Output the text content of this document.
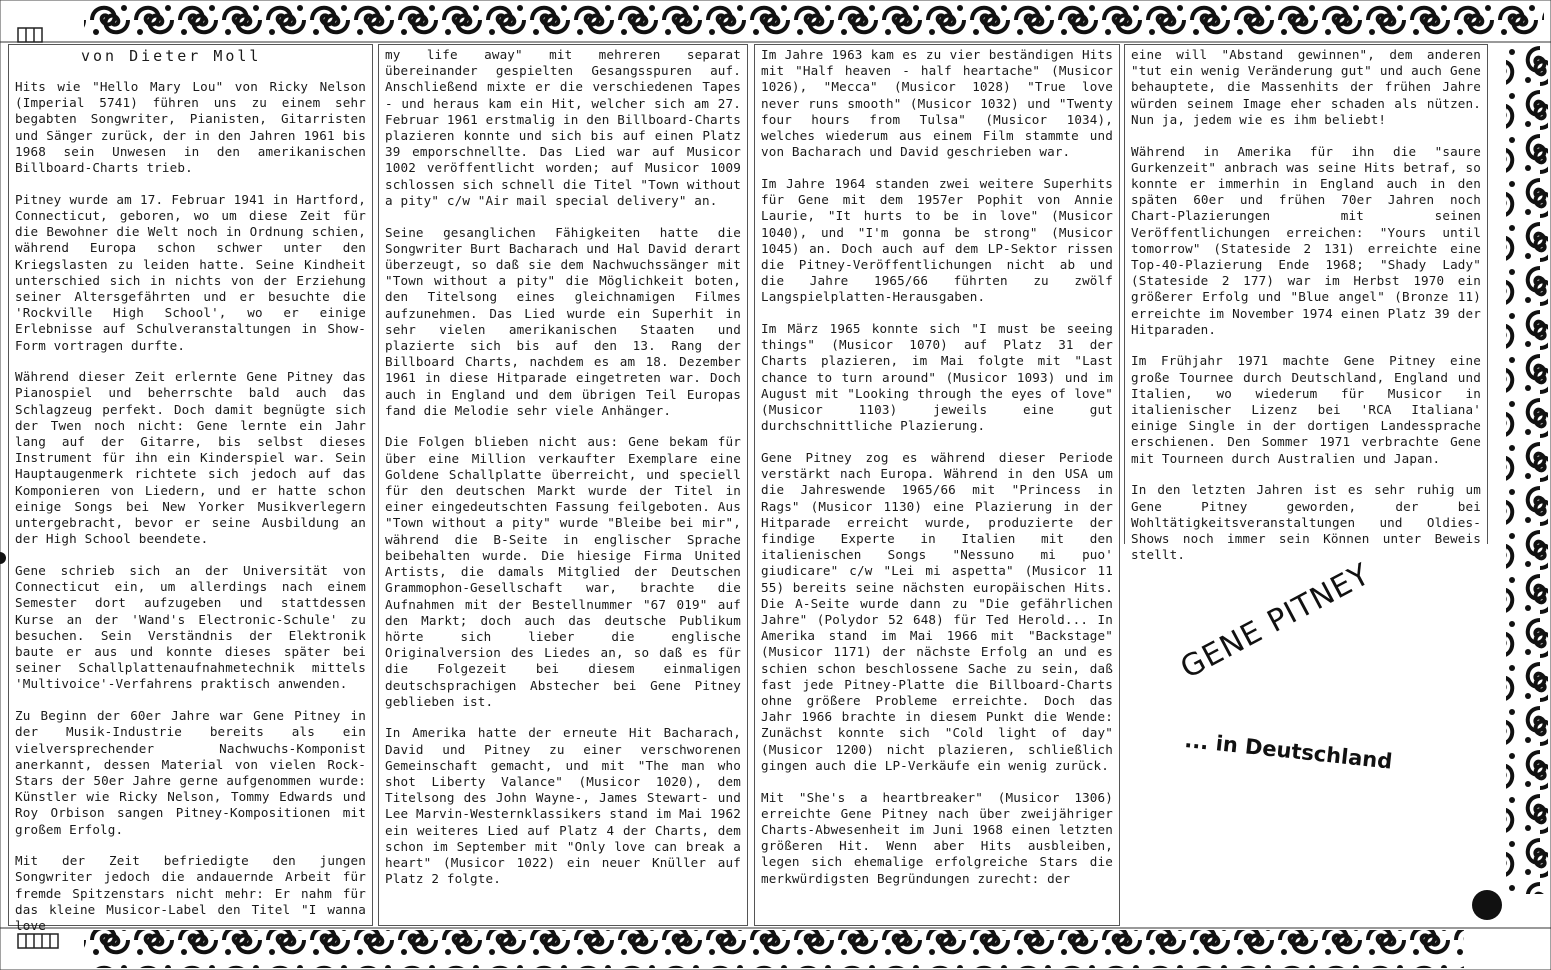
von Dieter Moll

Hits wie "Hello Mary Lou" von Ricky Nelson (Imperial 5741) führen uns zu einem sehr begabten Songwriter, Pianisten, Gitarristen und Sänger zurück, der in den Jahren 1961 bis 1968 sein Unwesen in den amerikanischen Billboard-Charts trieb.

Pitney wurde am 17. Februar 1941 in Hartford, Connecticut, geboren, wo um diese Zeit für die Bewohner die Welt noch in Ordnung schien, während Europa schon schwer unter den Kriegslasten zu leiden hatte. Seine Kindheit unterschied sich in nichts von der Erziehung seiner Altersgefährten und er besuchte die 'Rockville High School', wo er einige Erlebnisse auf Schulveranstaltungen in Show-Form vortragen durfte.

Während dieser Zeit erlernte Gene Pitney das Pianospiel und beherrschte bald auch das Schlagzeug perfekt. Doch damit begnügte sich der Twen noch nicht: Gene lernte ein Jahr lang auf der Gitarre, bis selbst dieses Instrument für ihn ein Kinderspiel war. Sein Hauptaugenmerk richtete sich jedoch auf das Komponieren von Liedern, und er hatte schon einige Songs bei New Yorker Musikverlegern untergebracht, bevor er seine Ausbildung an der High School beendete.

Gene schrieb sich an der Universität von Connecticut ein, um allerdings nach einem Semester dort aufzugeben und stattdessen Kurse an der 'Wand's Electronic-Schule' zu besuchen. Sein Verständnis der Elektronik baute er aus und konnte dieses später bei seiner Schallplattenaufnahmetechnik mittels 'Multivoice'-Verfahrens praktisch anwenden.

Zu Beginn der 60er Jahre war Gene Pitney in der Musik-Industrie bereits als ein vielversprechender Nachwuchs-Komponist anerkannt, dessen Material von vielen Rock-Stars der 50er Jahre gerne aufgenommen wurde: Künstler wie Ricky Nelson, Tommy Edwards und Roy Orbison sangen Pitney-Kompositionen mit großem Erfolg.

Mit der Zeit befriedigte den jungen Songwriter jedoch die andauernde Arbeit für fremde Spitzenstars nicht mehr: Er nahm für das kleine Musicor-Label den Titel "I wanna love

my life away" mit mehreren separat übereinander gespielten Gesangsspuren auf. Anschließend mixte er die verschiedenen Tapes - und heraus kam ein Hit, welcher sich am 27. Februar 1961 erstmalig in den Billboard-Charts plazieren konnte und sich bis auf einen Platz 39 emporschnellte. Das Lied war auf Musicor 1002 veröffentlicht worden; auf Musicor 1009 schlossen sich schnell die Titel "Town without a pity" c/w "Air mail special delivery" an.

Seine gesanglichen Fähigkeiten hatte die Songwriter Burt Bacharach und Hal David derart überzeugt, so daß sie dem Nachwuchssänger mit "Town without a pity" die Möglichkeit boten, den Titelsong eines gleichnamigen Filmes aufzunehmen. Das Lied wurde ein Superhit in sehr vielen amerikanischen Staaten und plazierte sich bis auf den 13. Rang der Billboard Charts, nachdem es am 18. Dezember 1961 in diese Hitparade eingetreten war. Doch auch in England und dem übrigen Teil Europas fand die Melodie sehr viele Anhänger.

Die Folgen blieben nicht aus: Gene bekam für über eine Million verkaufter Exemplare eine Goldene Schallplatte überreicht, und speciell für den deutschen Markt wurde der Titel in einer eingedeutschten Fassung feilgeboten. Aus "Town without a pity" wurde "Bleibe bei mir", während die B-Seite in englischer Sprache beibehalten wurde. Die hiesige Firma United Artists, die damals Mitglied der Deutschen Grammophon-Gesellschaft war, brachte die Aufnahmen mit der Bestellnummer "67 019" auf den Markt; doch auch das deutsche Publikum hörte sich lieber die englische Originalversion des Liedes an, so daß es für die Folgezeit bei diesem einmaligen deutschsprachigen Abstecher bei Gene Pitney geblieben ist.

In Amerika hatte der erneute Hit Bacharach, David und Pitney zu einer verschworenen Gemeinschaft gemacht, und mit "The man who shot Liberty Valance" (Musicor 1020), dem Titelsong des John Wayne-, James Stewart- und Lee Marvin-Westernklassikers stand im Mai 1962 ein weiteres Lied auf Platz 4 der Charts, dem schon im September mit "Only love can break a heart" (Musicor 1022) ein neuer Knüller auf Platz 2 folgte.

Im Jahre 1963 kam es zu vier beständigen Hits mit "Half heaven - half heartache" (Musicor 1026), "Mecca" (Musicor 1028) "True love never runs smooth" (Musicor 1032) und "Twenty four hours from Tulsa" (Musicor 1034), welches wiederum aus einem Film stammte und von Bacharach und David geschrieben war.

Im Jahre 1964 standen zwei weitere Superhits für Gene mit dem 1957er Pophit von Annie Laurie, "It hurts to be in love" (Musicor 1040), und "I'm gonna be strong" (Musicor 1045) an. Doch auch auf dem LP-Sektor rissen die Pitney-Veröffentlichungen nicht ab und die Jahre 1965/66 führten zu zwölf Langspielplatten-Herausgaben.

Im März 1965 konnte sich "I must be seeing things" (Musicor 1070) auf Platz 31 der Charts plazieren, im Mai folgte mit "Last chance to turn around" (Musicor 1093) und im August mit "Looking through the eyes of love" (Musicor 1103) jeweils eine gut durchschnittliche Plazierung.

Gene Pitney zog es während dieser Periode verstärkt nach Europa. Während in den USA um die Jahreswende 1965/66 mit "Princess in Rags" (Musicor 1130) eine Plazierung in der Hitparade erreicht wurde, produzierte der findige Experte in Italien mit den italienischen Songs "Nessuno mi puo' giudicare" c/w "Lei mi aspetta" (Musicor 11 55) bereits seine nächsten europäischen Hits. Die A-Seite wurde dann zu "Die gefährlichen Jahre" (Polydor 52 648) für Ted Herold... In Amerika stand im Mai 1966 mit "Backstage" (Musicor 1171) der nächste Erfolg an und es schien schon beschlossene Sache zu sein, daß fast jede Pitney-Platte die Billboard-Charts ohne größere Probleme erreichte. Doch das Jahr 1966 brachte in diesem Punkt die Wende: Zunächst konnte sich "Cold light of day" (Musicor 1200) nicht plazieren, schließlich gingen auch die LP-Verkäufe ein wenig zurück.

Mit "She's a heartbreaker" (Musicor 1306) erreichte Gene Pitney nach über zweijähriger Charts-Abwesenheit im Juni 1968 einen letzten größeren Hit. Wenn aber Hits ausbleiben, legen sich ehemalige erfolgreiche Stars die merkwürdigsten Begründungen zurecht: der

eine will "Abstand gewinnen", dem anderen "tut ein wenig Veränderung gut" und auch Gene behauptete, die Massenhits der frühen Jahre würden seinem Image eher schaden als nützen. Nun ja, jedem wie es ihm beliebt!

Während in Amerika für ihn die "saure Gurkenzeit" anbrach was seine Hits betraf, so konnte er immerhin in England auch in den späten 60er und frühen 70er Jahren noch Chart-Plazierungen mit seinen Veröffentlichungen erreichen: "Yours until tomorrow" (Stateside 2 131) erreichte eine Top-40-Plazierung Ende 1968; "Shady Lady" (Stateside 2 177) war im Herbst 1970 ein größerer Erfolg und "Blue angel" (Bronze 11) erreichte im November 1974 einen Platz 39 der Hitparaden.

Im Frühjahr 1971 machte Gene Pitney eine große Tournee durch Deutschland, England und Italien, wo wiederum für Musicor in italienischer Lizenz bei 'RCA Italiana' einige Single in der dortigen Landessprache erschienen. Den Sommer 1971 verbrachte Gene mit Tourneen durch Australien und Japan.

In den letzten Jahren ist es sehr ruhig um Gene Pitney geworden, der bei Wohltätigkeitsveranstaltungen und Oldies-Shows noch immer sein Können unter Beweis stellt.

GENE PITNEY
... in Deutschland
